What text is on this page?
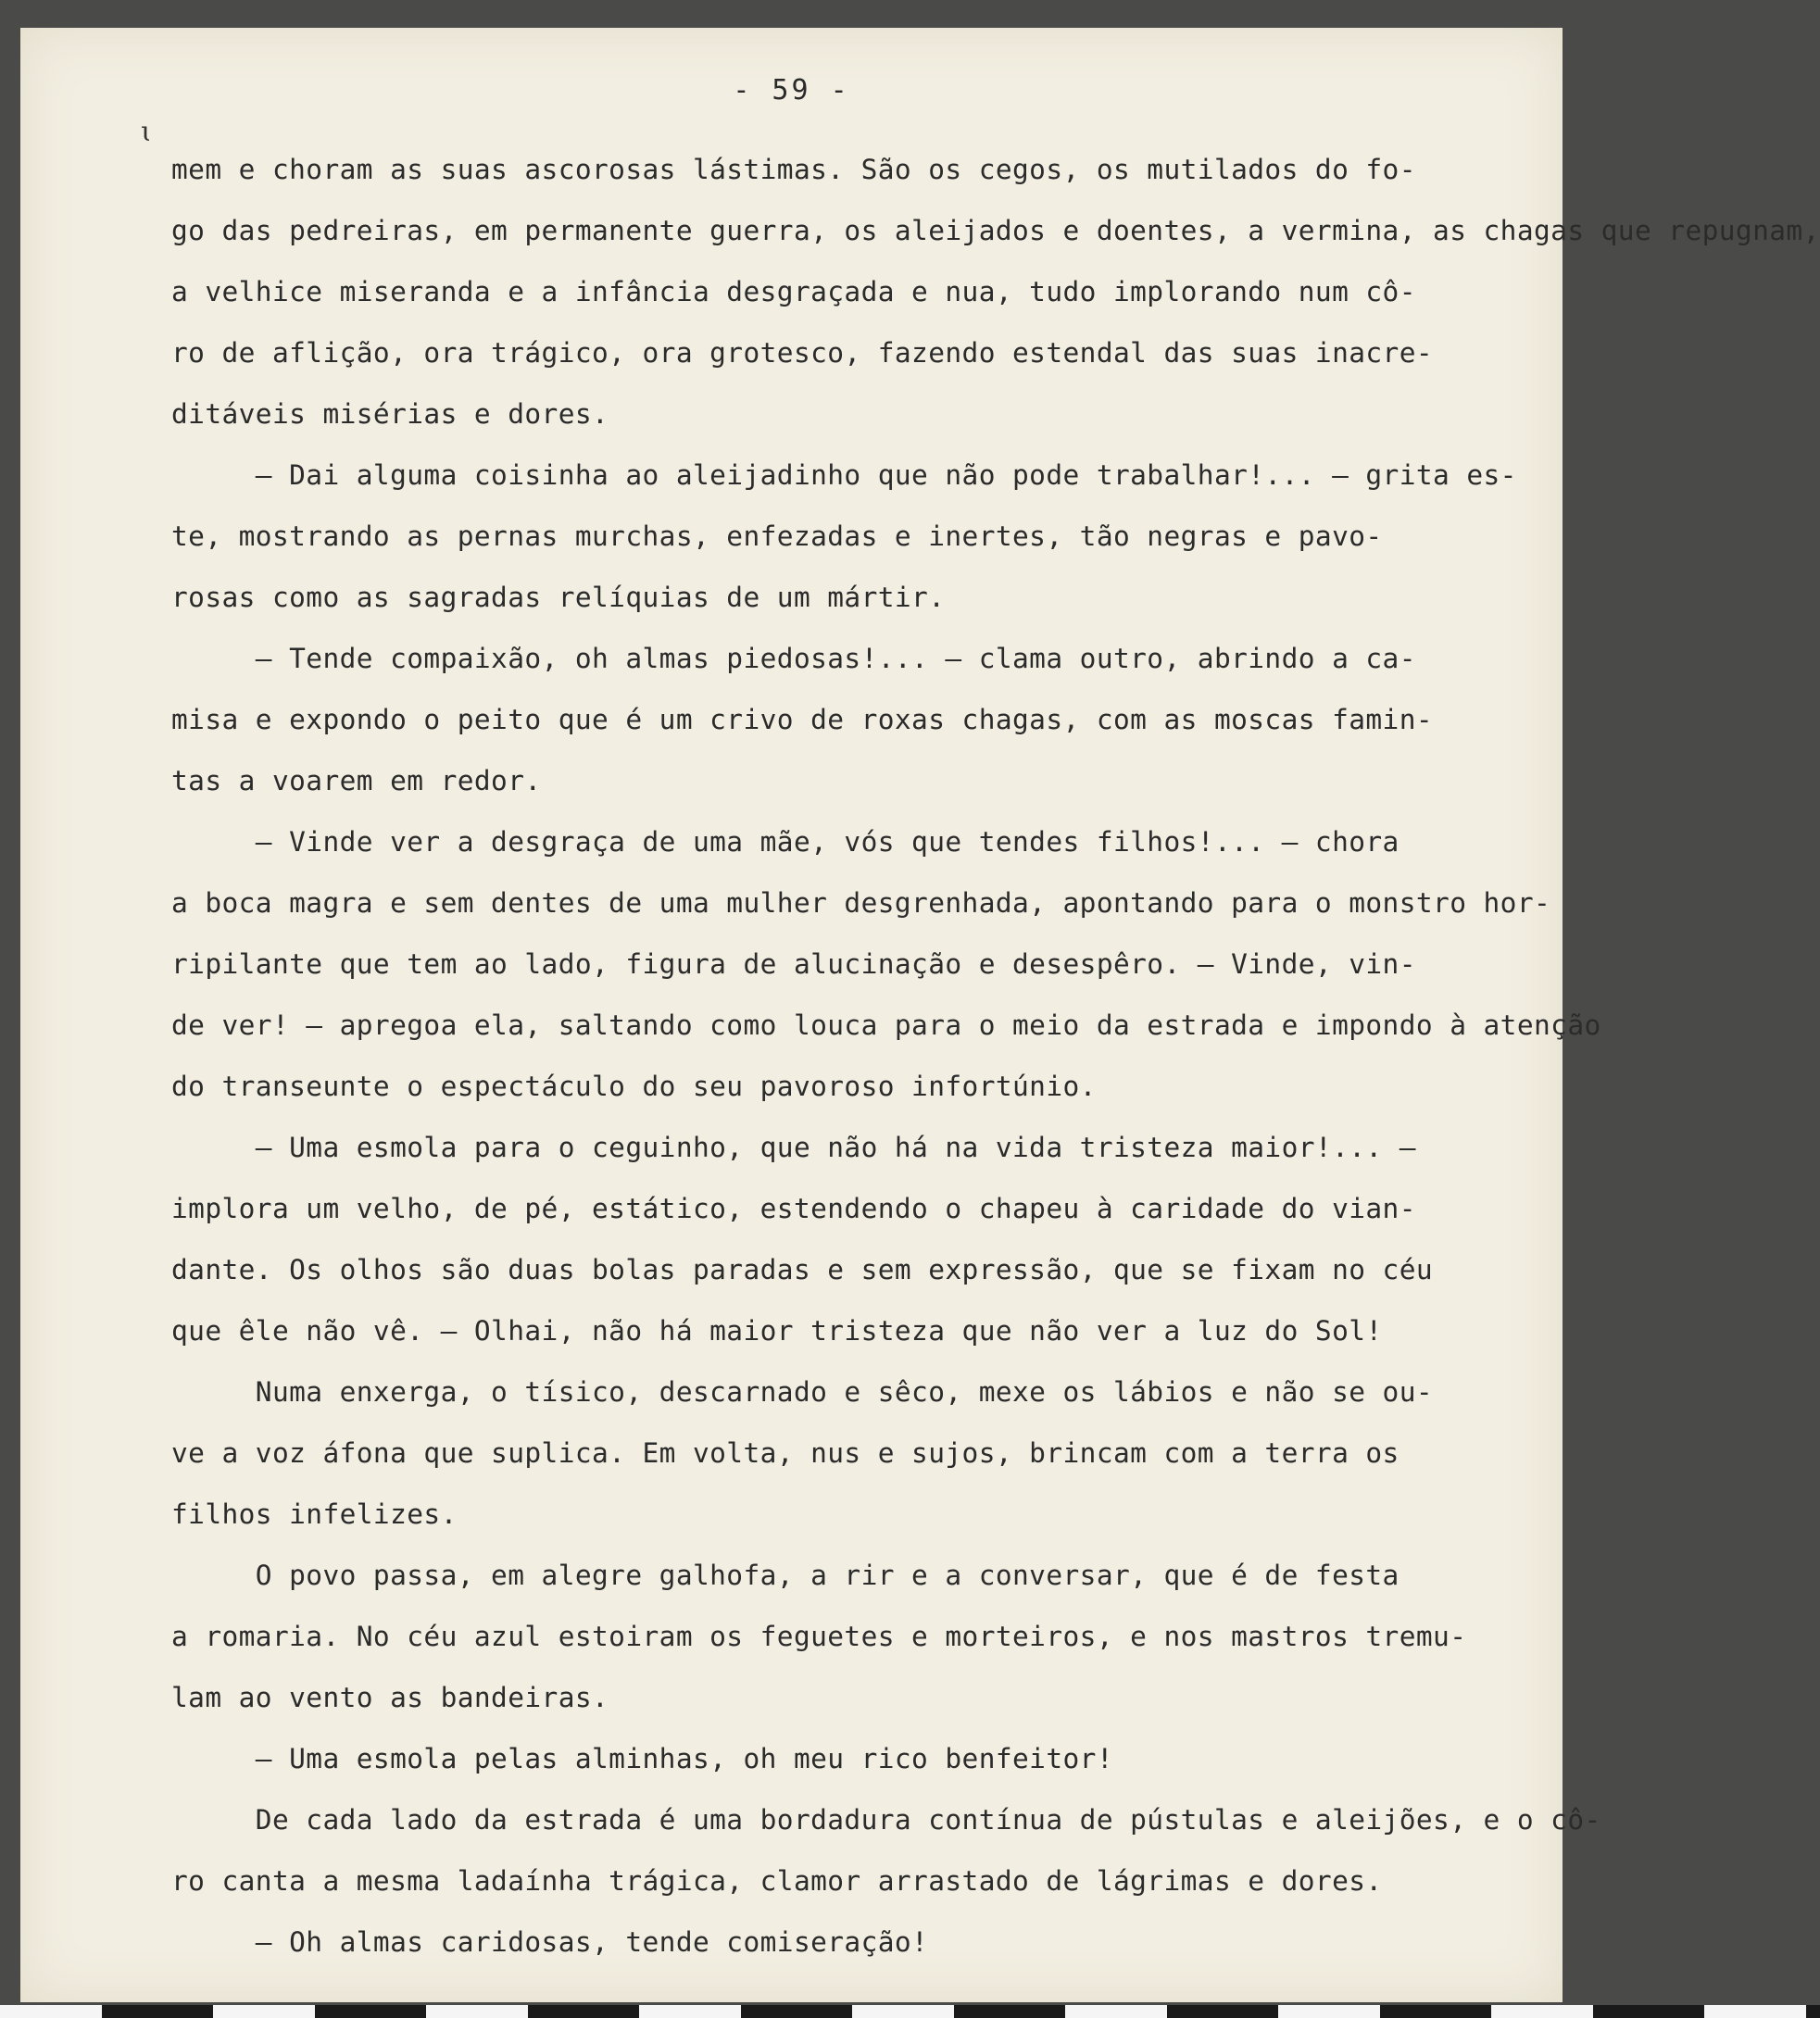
- 59 -
ɩ
mem e choram as suas ascorosas lástimas. São os cegos, os mutilados do fo-
go das pedreiras, em permanente guerra, os aleijados e doentes, a vermina, as chagas que repugnam,
a velhice miseranda e a infância desgraçada e nua, tudo implorando num cô-
ro de aflição, ora trágico, ora grotesco, fazendo estendal das suas inacre-
ditáveis misérias e dores.
— Dai alguma coisinha ao aleijadinho que não pode trabalhar!... — grita es-
te, mostrando as pernas murchas, enfezadas e inertes, tão negras e pavo-
rosas como as sagradas relíquias de um mártir.
— Tende compaixão, oh almas piedosas!... — clama outro, abrindo a ca-
misa e expondo o peito que é um crivo de roxas chagas, com as moscas famin-
tas a voarem em redor.
— Vinde ver a desgraça de uma mãe, vós que tendes filhos!... — chora
a boca magra e sem dentes de uma mulher desgrenhada, apontando para o monstro hor-
ripilante que tem ao lado, figura de alucinação e desespêro. — Vinde, vin-
de ver! — apregoa ela, saltando como louca para o meio da estrada e impondo à atenção
do transeunte o espectáculo do seu pavoroso infortúnio.
— Uma esmola para o ceguinho, que não há na vida tristeza maior!... —
implora um velho, de pé, estático, estendendo o chapeu à caridade do vian-
dante. Os olhos são duas bolas paradas e sem expressão, que se fixam no céu
que êle não vê. — Olhai, não há maior tristeza que não ver a luz do Sol!
Numa enxerga, o tísico, descarnado e sêco, mexe os lábios e não se ou-
ve a voz áfona que suplica. Em volta, nus e sujos, brincam com a terra os
filhos infelizes.
O povo passa, em alegre galhofa, a rir e a conversar, que é de festa
a romaria. No céu azul estoiram os feguetes e morteiros, e nos mastros tremu-
lam ao vento as bandeiras.
— Uma esmola pelas alminhas, oh meu rico benfeitor!
De cada lado da estrada é uma bordadura contínua de pústulas e aleijões, e o cô-
ro canta a mesma ladaínha trágica, clamor arrastado de lágrimas e dores.
— Oh almas caridosas, tende comiseração!
